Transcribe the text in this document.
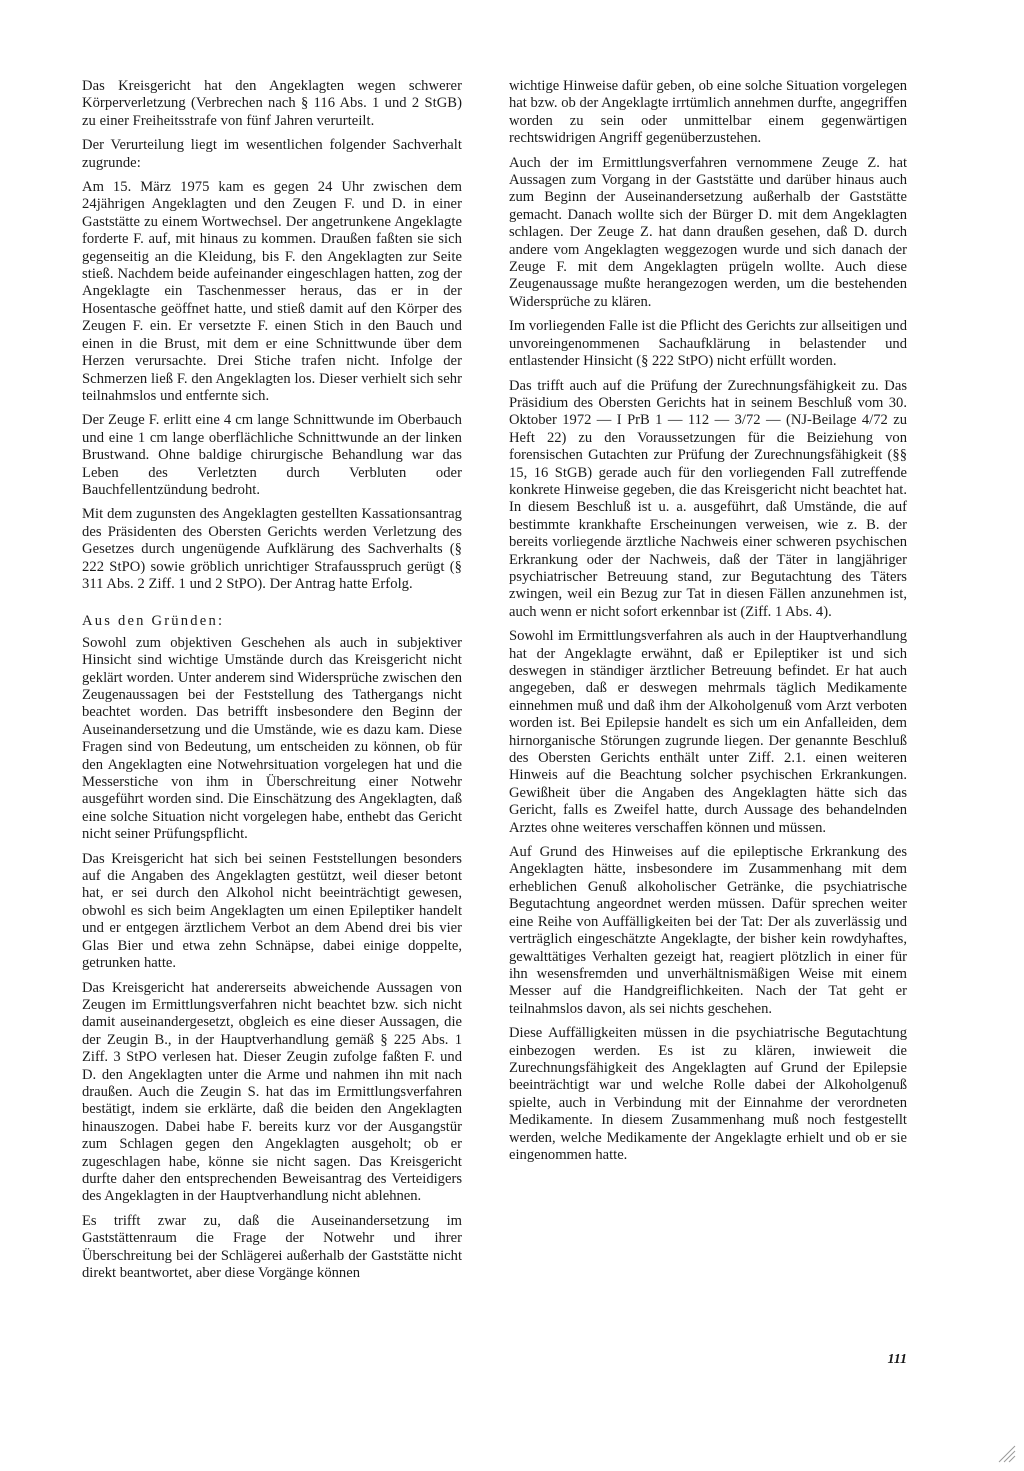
Das Kreisgericht hat den Angeklagten wegen schwerer Körperverletzung (Verbrechen nach § 116 Abs. 1 und 2 StGB) zu einer Freiheitsstrafe von fünf Jahren verurteilt.

Der Verurteilung liegt im wesentlichen folgender Sachverhalt zugrunde:

Am 15. März 1975 kam es gegen 24 Uhr zwischen dem 24jährigen Angeklagten und den Zeugen F. und D. in einer Gaststätte zu einem Wortwechsel. Der angetrunkene Angeklagte forderte F. auf, mit hinaus zu kommen. Draußen faßten sie sich gegenseitig an die Kleidung, bis F. den Angeklagten zur Seite stieß. Nachdem beide aufeinander eingeschlagen hatten, zog der Angeklagte ein Taschenmesser heraus, das er in der Hosentasche geöffnet hatte, und stieß damit auf den Körper des Zeugen F. ein. Er versetzte F. einen Stich in den Bauch und einen in die Brust, mit dem er eine Schnittwunde über dem Herzen verursachte. Drei Stiche trafen nicht. Infolge der Schmerzen ließ F. den Angeklagten los. Dieser verhielt sich sehr teilnahmslos und entfernte sich.

Der Zeuge F. erlitt eine 4 cm lange Schnittwunde im Oberbauch und eine 1 cm lange oberflächliche Schnittwunde an der linken Brustwand. Ohne baldige chirurgische Behandlung war das Leben des Verletzten durch Verbluten oder Bauchfellentzündung bedroht.

Mit dem zugunsten des Angeklagten gestellten Kassationsantrag des Präsidenten des Obersten Gerichts werden Verletzung des Gesetzes durch ungenügende Aufklärung des Sachverhalts (§ 222 StPO) sowie gröblich unrichtiger Strafausspruch gerügt (§ 311 Abs. 2 Ziff. 1 und 2 StPO). Der Antrag hatte Erfolg.

Aus den Gründen:

Sowohl zum objektiven Geschehen als auch in subjektiver Hinsicht sind wichtige Umstände durch das Kreisgericht nicht geklärt worden. Unter anderem sind Widersprüche zwischen den Zeugenaussagen bei der Feststellung des Tathergangs nicht beachtet worden. Das betrifft insbesondere den Beginn der Auseinandersetzung und die Umstände, wie es dazu kam. Diese Fragen sind von Bedeutung, um entscheiden zu können, ob für den Angeklagten eine Notwehrsituation vorgelegen hat und die Messerstiche von ihm in Überschreitung einer Notwehr ausgeführt worden sind. Die Einschätzung des Angeklagten, daß eine solche Situation nicht vorgelegen habe, enthebt das Gericht nicht seiner Prüfungspflicht.

Das Kreisgericht hat sich bei seinen Feststellungen besonders auf die Angaben des Angeklagten gestützt, weil dieser betont hat, er sei durch den Alkohol nicht beeinträchtigt gewesen, obwohl es sich beim Angeklagten um einen Epileptiker handelt und er entgegen ärztlichem Verbot an dem Abend drei bis vier Glas Bier und etwa zehn Schnäpse, dabei einige doppelte, getrunken hatte.

Das Kreisgericht hat andererseits abweichende Aussagen von Zeugen im Ermittlungsverfahren nicht beachtet bzw. sich nicht damit auseinandergesetzt, obgleich es eine dieser Aussagen, die der Zeugin B., in der Hauptverhandlung gemäß § 225 Abs. 1 Ziff. 3 StPO verlesen hat. Dieser Zeugin zufolge faßten F. und D. den Angeklagten unter die Arme und nahmen ihn mit nach draußen. Auch die Zeugin S. hat das im Ermittlungsverfahren bestätigt, indem sie erklärte, daß die beiden den Angeklagten hinauszogen. Dabei habe F. bereits kurz vor der Ausgangstür zum Schlagen gegen den Angeklagten ausgeholt; ob er zugeschlagen habe, könne sie nicht sagen. Das Kreisgericht durfte daher den entsprechenden Beweisantrag des Verteidigers des Angeklagten in der Hauptverhandlung nicht ablehnen.

Es trifft zwar zu, daß die Auseinandersetzung im Gaststättenraum die Frage der Notwehr und ihrer Überschreitung bei der Schlägerei außerhalb der Gaststätte nicht direkt beantwortet, aber diese Vorgänge können

wichtige Hinweise dafür geben, ob eine solche Situation vorgelegen hat bzw. ob der Angeklagte irrtümlich annehmen durfte, angegriffen worden zu sein oder unmittelbar einem gegenwärtigen rechtswidrigen Angriff gegenüberzustehen.

Auch der im Ermittlungsverfahren vernommene Zeuge Z. hat Aussagen zum Vorgang in der Gaststätte und darüber hinaus auch zum Beginn der Auseinandersetzung außerhalb der Gaststätte gemacht. Danach wollte sich der Bürger D. mit dem Angeklagten schlagen. Der Zeuge Z. hat dann draußen gesehen, daß D. durch andere vom Angeklagten weggezogen wurde und sich danach der Zeuge F. mit dem Angeklagten prügeln wollte. Auch diese Zeugenaussage mußte herangezogen werden, um die bestehenden Widersprüche zu klären.

Im vorliegenden Falle ist die Pflicht des Gerichts zur allseitigen und unvoreingenommenen Sachaufklärung in belastender und entlastender Hinsicht (§ 222 StPO) nicht erfüllt worden.

Das trifft auch auf die Prüfung der Zurechnungsfähigkeit zu. Das Präsidium des Obersten Gerichts hat in seinem Beschluß vom 30. Oktober 1972 — I PrB 1 — 112 — 3/72 — (NJ-Beilage 4/72 zu Heft 22) zu den Voraussetzungen für die Beiziehung von forensischen Gutachten zur Prüfung der Zurechnungsfähigkeit (§§ 15, 16 StGB) gerade auch für den vorliegenden Fall zutreffende konkrete Hinweise gegeben, die das Kreisgericht nicht beachtet hat. In diesem Beschluß ist u. a. ausgeführt, daß Umstände, die auf bestimmte krankhafte Erscheinungen verweisen, wie z. B. der bereits vorliegende ärztliche Nachweis einer schweren psychischen Erkrankung oder der Nachweis, daß der Täter in langjähriger psychiatrischer Betreuung stand, zur Begutachtung des Täters zwingen, weil ein Bezug zur Tat in diesen Fällen anzunehmen ist, auch wenn er nicht sofort erkennbar ist (Ziff. 1 Abs. 4).

Sowohl im Ermittlungsverfahren als auch in der Hauptverhandlung hat der Angeklagte erwähnt, daß er Epileptiker ist und sich deswegen in ständiger ärztlicher Betreuung befindet. Er hat auch angegeben, daß er deswegen mehrmals täglich Medikamente einnehmen muß und daß ihm der Alkoholgenuß vom Arzt verboten worden ist. Bei Epilepsie handelt es sich um ein Anfalleiden, dem hirnorganische Störungen zugrunde liegen. Der genannte Beschluß des Obersten Gerichts enthält unter Ziff. 2.1. einen weiteren Hinweis auf die Beachtung solcher psychischen Erkrankungen. Gewißheit über die Angaben des Angeklagten hätte sich das Gericht, falls es Zweifel hatte, durch Aussage des behandelnden Arztes ohne weiteres verschaffen können und müssen.

Auf Grund des Hinweises auf die epileptische Erkrankung des Angeklagten hätte, insbesondere im Zusammenhang mit dem erheblichen Genuß alkoholischer Getränke, die psychiatrische Begutachtung angeordnet werden müssen. Dafür sprechen weiter eine Reihe von Auffälligkeiten bei der Tat: Der als zuverlässig und verträglich eingeschätzte Angeklagte, der bisher kein rowdyhaftes, gewalttätiges Verhalten gezeigt hat, reagiert plötzlich in einer für ihn wesensfremden und unverhältnismäßigen Weise mit einem Messer auf die Handgreiflichkeiten. Nach der Tat geht er teilnahmslos davon, als sei nichts geschehen.

Diese Auffälligkeiten müssen in die psychiatrische Begutachtung einbezogen werden. Es ist zu klären, inwieweit die Zurechnungsfähigkeit des Angeklagten auf Grund der Epilepsie beeinträchtigt war und welche Rolle dabei der Alkoholgenuß spielte, auch in Verbindung mit der Einnahme der verordneten Medikamente. In diesem Zusammenhang muß noch festgestellt werden, welche Medikamente der Angeklagte erhielt und ob er sie eingenommen hatte.

111
